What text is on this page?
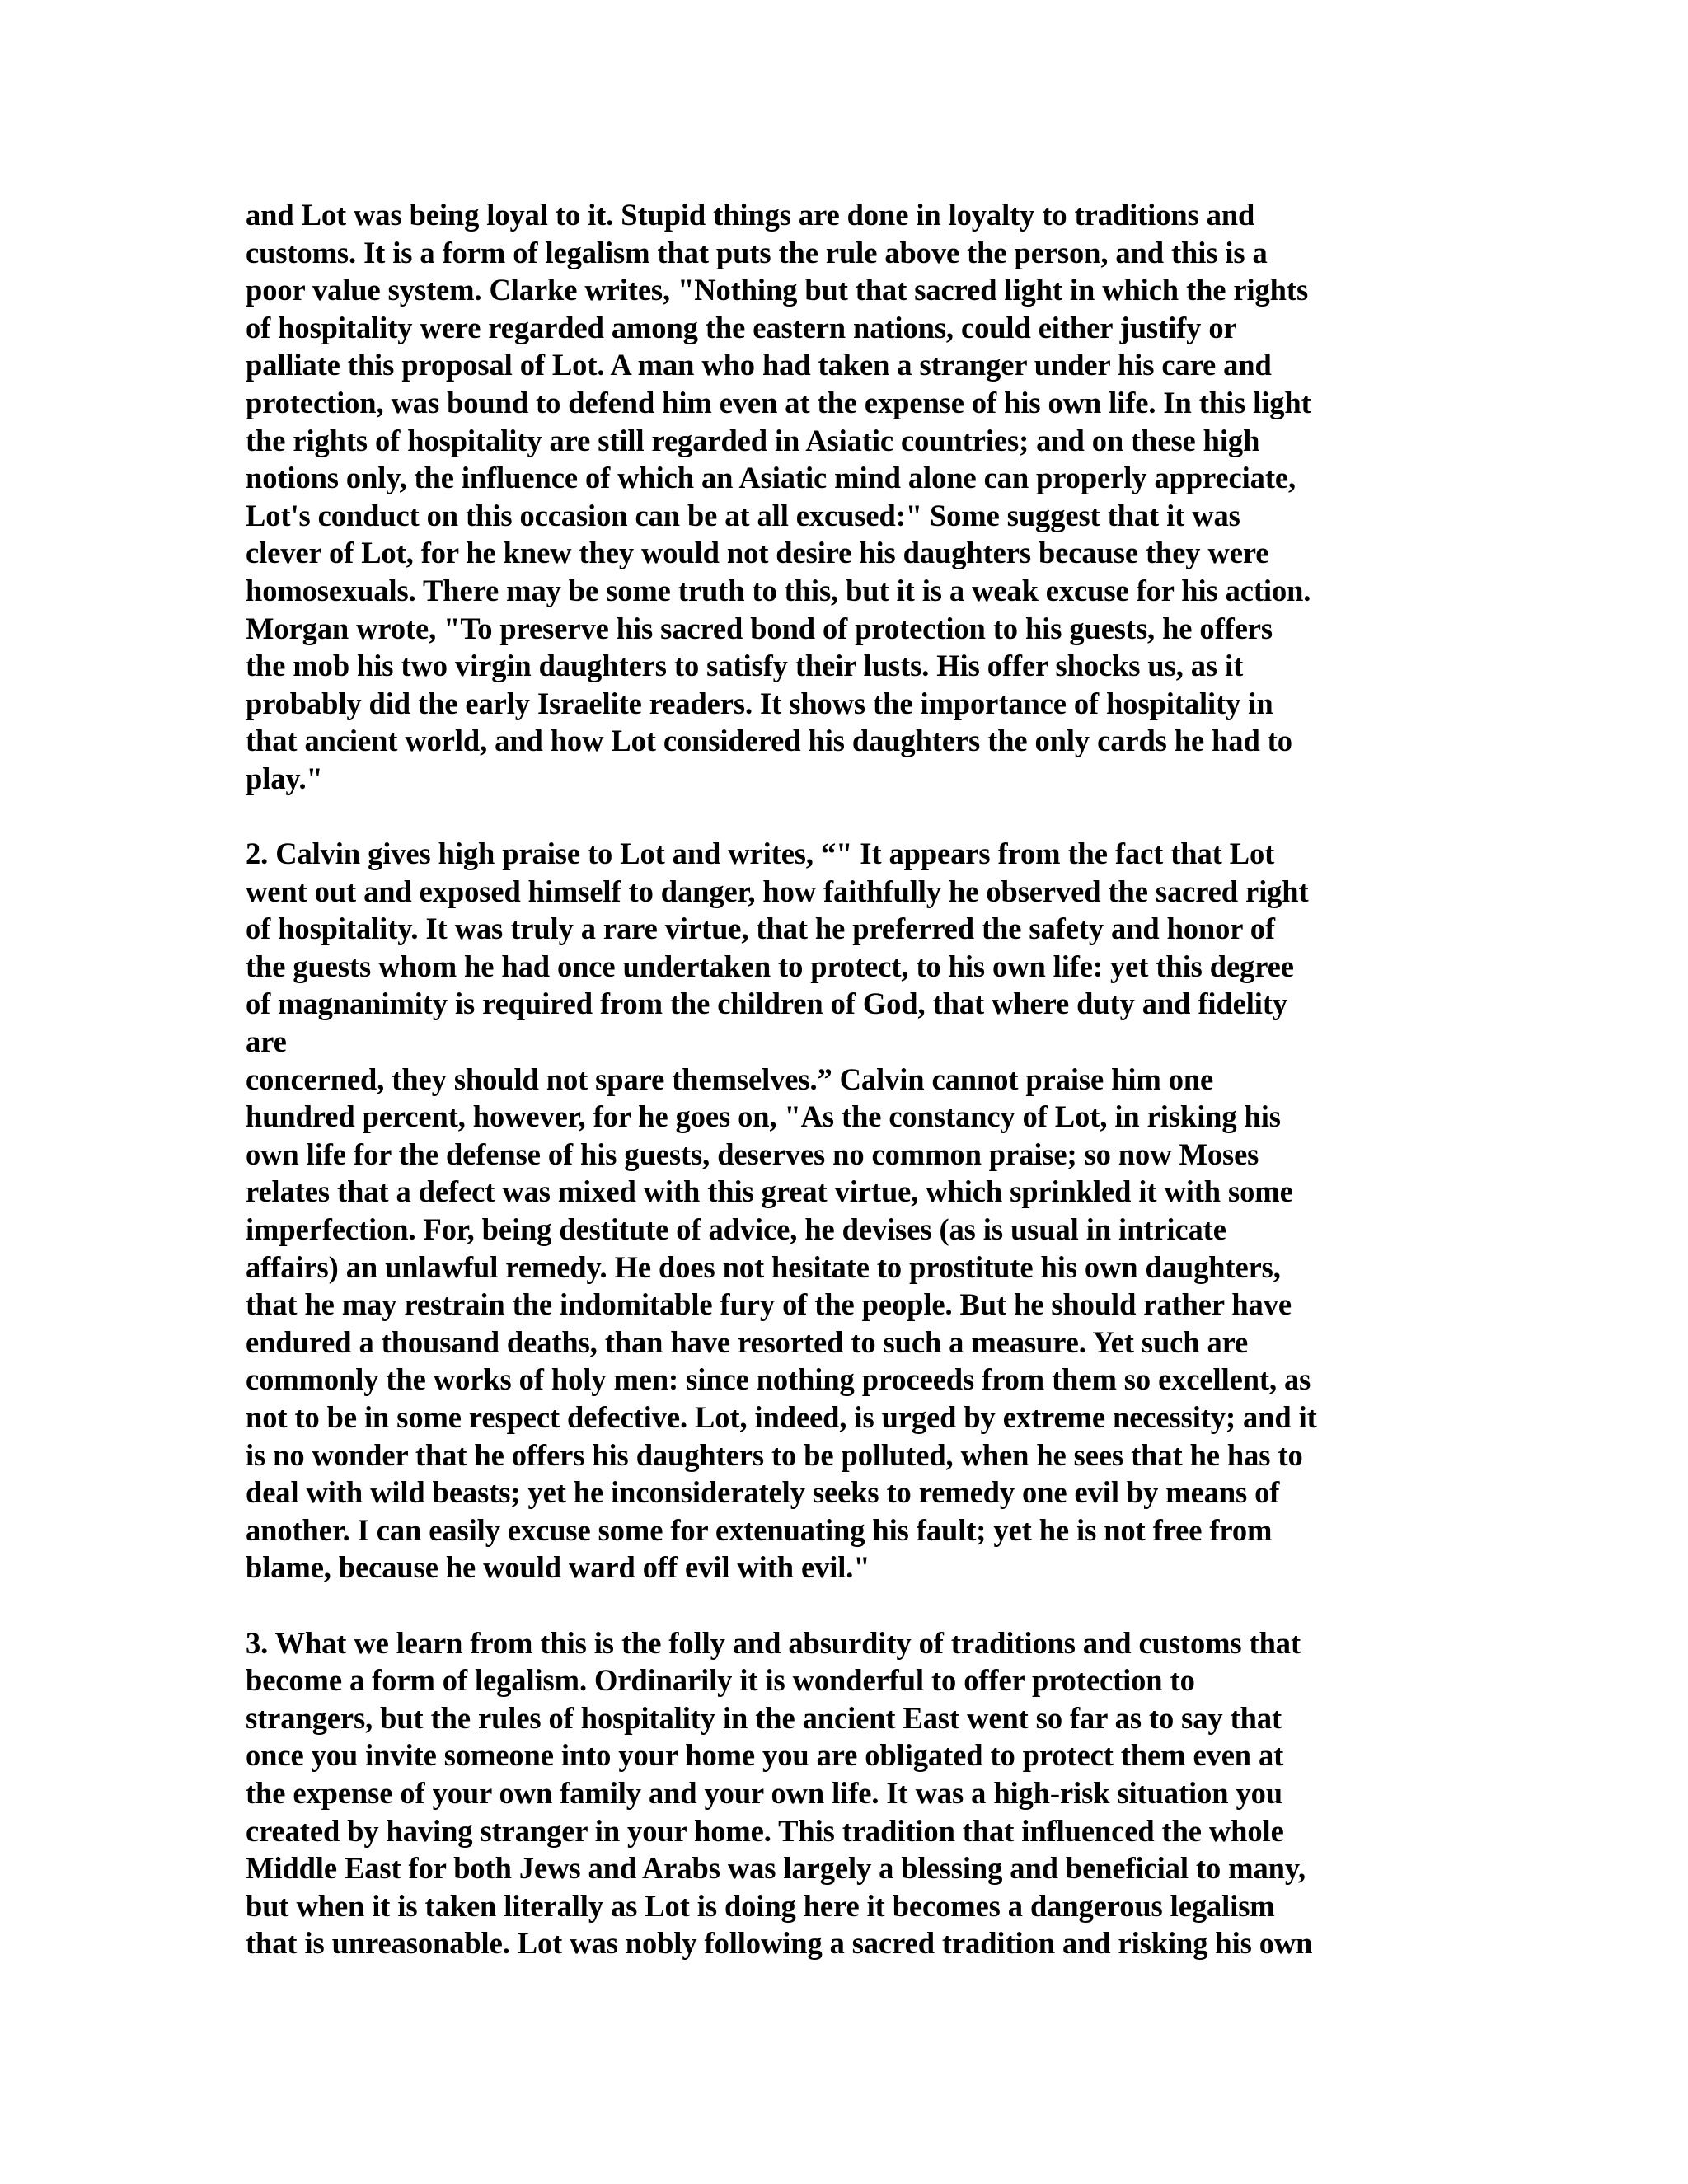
and Lot was being loyal to it. Stupid things are done in loyalty to traditions and
customs. It is a form of legalism that puts the rule above the person, and this is a
poor value system. Clarke writes, "Nothing but that sacred light in which the rights
of hospitality were regarded among the eastern nations, could either justify or
palliate this proposal of Lot. A man who had taken a stranger under his care and
protection, was bound to defend him even at the expense of his own life. In this light
the rights of hospitality are still regarded in Asiatic countries; and on these high
notions only, the influence of which an Asiatic mind alone can properly appreciate,
Lot's conduct on this occasion can be at all excused:" Some suggest that it was
clever of Lot, for he knew they would not desire his daughters because they were
homosexuals. There may be some truth to this, but it is a weak excuse for his action.
Morgan wrote, "To preserve his sacred bond of protection to his guests, he offers
the mob his two virgin daughters to satisfy their lusts. His offer shocks us, as it
probably did the early Israelite readers. It shows the importance of hospitality in
that ancient world, and how Lot considered his daughters the only cards he had to
play."
2. Calvin gives high praise to Lot and writes, “" It appears from the fact that Lot
went out and exposed himself to danger, how faithfully he observed the sacred right
of hospitality. It was truly a rare virtue, that he preferred the safety and honor of
the guests whom he had once undertaken to protect, to his own life: yet this degree
of magnanimity is required from the children of God, that where duty and fidelity
are
concerned, they should not spare themselves.” Calvin cannot praise him one
hundred percent, however, for he goes on, "As the constancy of Lot, in risking his
own life for the defense of his guests, deserves no common praise; so now Moses
relates that a defect was mixed with this great virtue, which sprinkled it with some
imperfection. For, being destitute of advice, he devises (as is usual in intricate
affairs) an unlawful remedy. He does not hesitate to prostitute his own daughters,
that he may restrain the indomitable fury of the people. But he should rather have
endured a thousand deaths, than have resorted to such a measure. Yet such are
commonly the works of holy men: since nothing proceeds from them so excellent, as
not to be in some respect defective. Lot, indeed, is urged by extreme necessity; and it
is no wonder that he offers his daughters to be polluted, when he sees that he has to
deal with wild beasts; yet he inconsiderately seeks to remedy one evil by means of
another. I can easily excuse some for extenuating his fault; yet he is not free from
blame, because he would ward off evil with evil."
3. What we learn from this is the folly and absurdity of traditions and customs that
become a form of legalism. Ordinarily it is wonderful to offer protection to
strangers, but the rules of hospitality in the ancient East went so far as to say that
once you invite someone into your home you are obligated to protect them even at
the expense of your own family and your own life. It was a high-risk situation you
created by having stranger in your home. This tradition that influenced the whole
Middle East for both Jews and Arabs was largely a blessing and beneficial to many,
but when it is taken literally as Lot is doing here it becomes a dangerous legalism
that is unreasonable. Lot was nobly following a sacred tradition and risking his own
